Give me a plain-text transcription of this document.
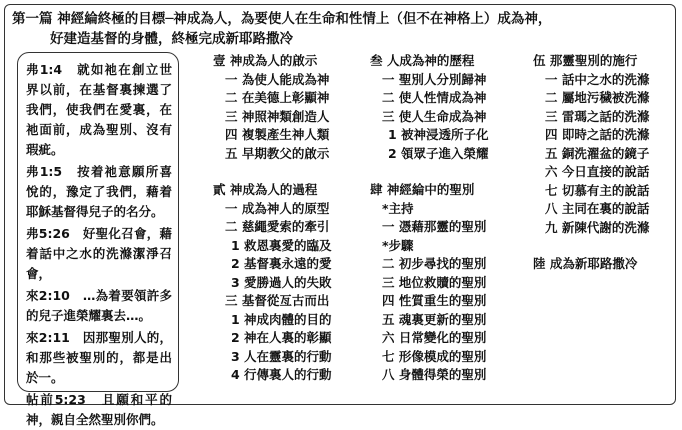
第一篇 神經綸終極的目標─神成為人，為要使人在生命和性情上（但不在神格上）成為神，
好建造基督的身體，終極完成新耶路撒冷
弗1:4　就如祂在創立世界以前，在基督裏揀選了我們，使我們在愛裏，在祂面前，成為聖別、沒有瑕疵。
弗1:5　按着祂意願所喜悅的，豫定了我們，藉着耶穌基督得兒子的名分。
弗5:26　好聖化召會，藉着話中之水的洗滌潔淨召會，
來2:10　…為着要領許多的兒子進榮耀裏去…。
來2:11　因那聖別人的，和那些被聖別的，都是出於一。
帖前5:23　且願和平的神，親自全然聖別你們。
壹 神成為人的啟示
一 為使人能成為神
二 在美德上彰顯神
三 神照神類創造人
四 複製產生神人類
五 早期教父的啟示
貳 神成為人的過程
一 成為神人的原型
二 慈繩愛索的牽引
1 救恩裏愛的臨及
2 基督裏永遠的愛
3 愛勝過人的失敗
三 基督從亙古而出
1 神成肉體的目的
2 神在人裏的彰顯
3 人在靈裏的行動
4 行傳裏人的行動
叁 人成為神的歷程
一 聖別人分別歸神
二 使人性情成為神
三 使人生命成為神
1 被神浸透所子化
2 領眾子進入榮耀
肆 神經綸中的聖別
*主持
一 憑藉那靈的聖別
*步驟
二 初步尋找的聖別
三 地位救贖的聖別
四 性質重生的聖別
五 魂裏更新的聖別
六 日常變化的聖別
七 形像模成的聖別
八 身體得榮的聖別
伍 那靈聖別的施行
一 話中之水的洗滌
二 屬地污穢被洗滌
三 雷瑪之話的洗滌
四 即時之話的洗滌
五 銅洗濯盆的鏡子
六 今日直接的說話
七 切慕有主的說話
八 主同在裏的說話
九 新陳代謝的洗滌
陸 成為新耶路撒冷
